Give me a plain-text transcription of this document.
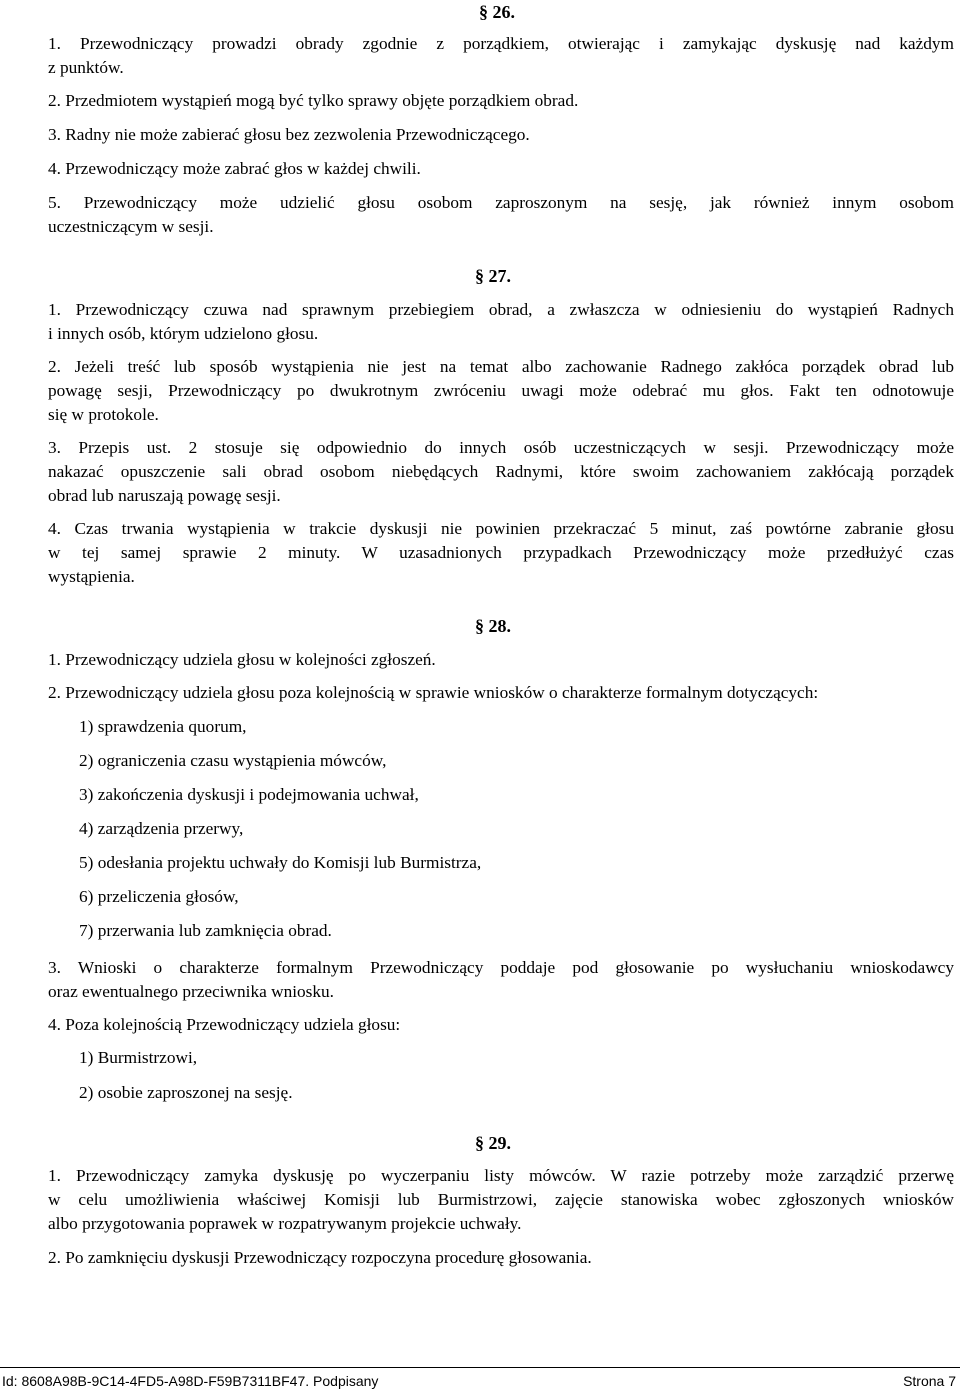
§ 26.

1. Przewodniczący prowadzi obrady zgodnie z porządkiem, otwierając i zamykając dyskusję nad każdym

z punktów.

2. Przedmiotem wystąpień mogą być tylko sprawy objęte porządkiem obrad.

3. Radny nie może zabierać głosu bez zezwolenia Przewodniczącego.

4. Przewodniczący może zabrać głos w każdej chwili.

5. Przewodniczący może udzielić głosu osobom zaproszonym na sesję, jak również innym osobom

uczestniczącym w sesji.

§ 27.

1. Przewodniczący czuwa nad sprawnym przebiegiem obrad, a zwłaszcza w odniesieniu do wystąpień Radnych

i innych osób, którym udzielono głosu.

2. Jeżeli treść lub sposób wystąpienia nie jest na temat albo zachowanie Radnego zakłóca porządek obrad lub

powagę sesji, Przewodniczący po dwukrotnym zwróceniu uwagi może odebrać mu głos. Fakt ten odnotowuje

się w protokole.

3. Przepis ust. 2 stosuje się odpowiednio do innych osób uczestniczących w sesji. Przewodniczący może

nakazać opuszczenie sali obrad osobom niebędących Radnymi, które swoim zachowaniem zakłócają porządek

obrad lub naruszają powagę sesji.

4. Czas trwania wystąpienia w trakcie dyskusji nie powinien przekraczać 5 minut, zaś powtórne zabranie głosu

w tej samej sprawie 2 minuty. W uzasadnionych przypadkach Przewodniczący może przedłużyć czas

wystąpienia.

§ 28.

1. Przewodniczący udziela głosu w kolejności zgłoszeń.

2. Przewodniczący udziela głosu poza kolejnością w sprawie wniosków o charakterze formalnym dotyczących:

1) sprawdzenia quorum,

2) ograniczenia czasu wystąpienia mówców,

3) zakończenia dyskusji i podejmowania uchwał,

4) zarządzenia przerwy,

5) odesłania projektu uchwały do Komisji lub Burmistrza,

6) przeliczenia głosów,

7) przerwania lub zamknięcia obrad.

3. Wnioski o charakterze formalnym Przewodniczący poddaje pod głosowanie po wysłuchaniu wnioskodawcy

oraz ewentualnego przeciwnika wniosku.

4. Poza kolejnością Przewodniczący udziela głosu:

1) Burmistrzowi,

2) osobie zaproszonej na sesję.

§ 29.

1. Przewodniczący zamyka dyskusję po wyczerpaniu listy mówców. W razie potrzeby może zarządzić przerwę

w celu umożliwienia właściwej Komisji lub Burmistrzowi, zajęcie stanowiska wobec zgłoszonych wniosków

albo przygotowania poprawek w rozpatrywanym projekcie uchwały.

2. Po zamknięciu dyskusji Przewodniczący rozpoczyna procedurę głosowania.

Id: 8608A98B-9C14-4FD5-A98D-F59B7311BF47. Podpisany	Strona 7
